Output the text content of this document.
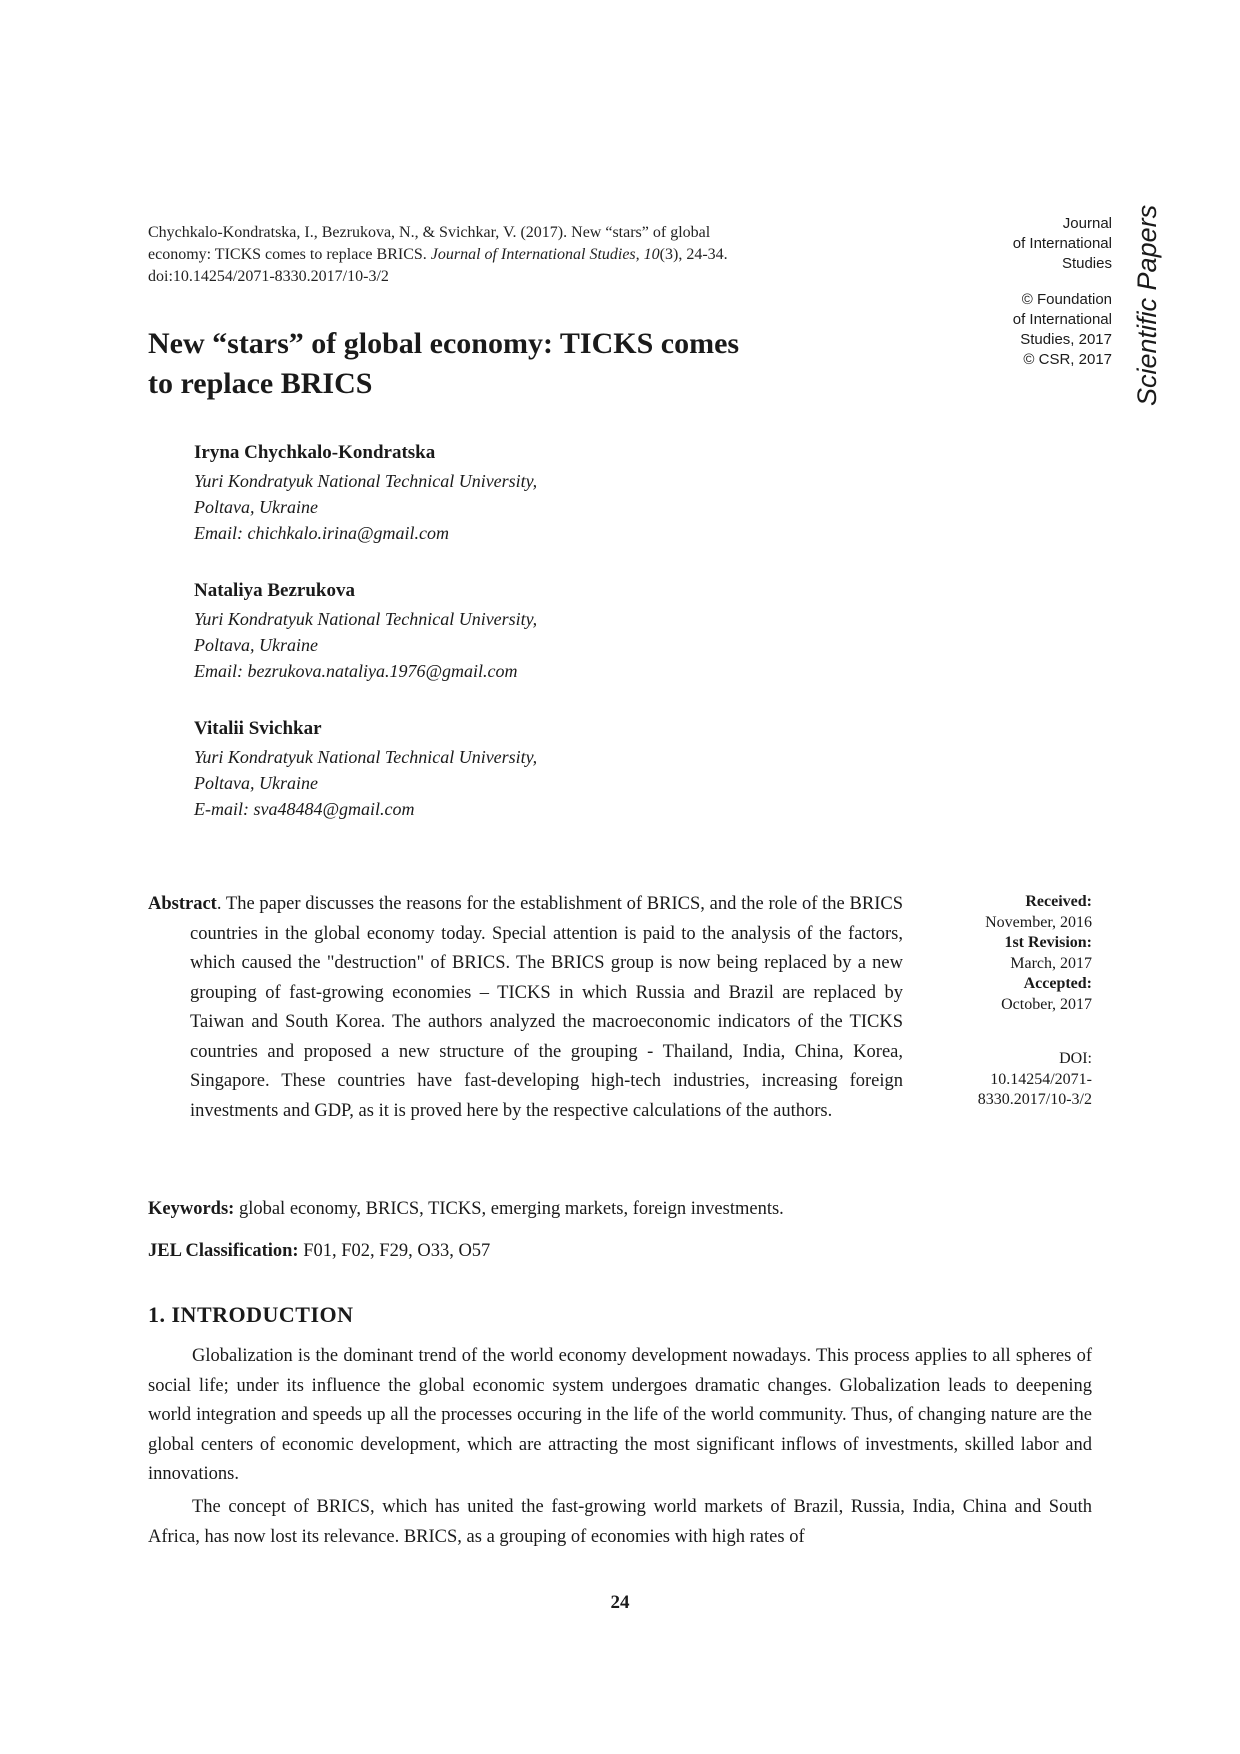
Chychkalo-Kondratska, I., Bezrukova, N., & Svichkar, V. (2017). New “stars” of global economy: TICKS comes to replace BRICS. Journal of International Studies, 10(3), 24-34. doi:10.14254/2071-8330.2017/10-3/2
Journal
of International
Studies
© Foundation
of International
Studies, 2017
© CSR, 2017 Scientific Papers
New “stars” of global economy: TICKS comes to replace BRICS
Iryna Chychkalo-Kondratska
Yuri Kondratyuk National Technical University,
Poltava, Ukraine
Email: chichkalo.irina@gmail.com
Nataliya Bezrukova
Yuri Kondratyuk National Technical University,
Poltava, Ukraine
Email: bezrukova.nataliya.1976@gmail.com
Vitalii Svichkar
Yuri Kondratyuk National Technical University,
Poltava, Ukraine
E-mail: sva48484@gmail.com
Abstract. The paper discusses the reasons for the establishment of BRICS, and the role of the BRICS countries in the global economy today. Special attention is paid to the analysis of the factors, which caused the "destruction" of BRICS. The BRICS group is now being replaced by a new grouping of fast-growing economies – TICKS in which Russia and Brazil are replaced by Taiwan and South Korea. The authors analyzed the macroeconomic indicators of the TICKS countries and proposed a new structure of the grouping - Thailand, India, China, Korea, Singapore. These countries have fast-developing high-tech industries, increasing foreign investments and GDP, as it is proved here by the respective calculations of the authors.
Received:
November, 2016
1st Revision:
March, 2017
Accepted:
October, 2017
DOI:
10.14254/2071-
8330.2017/10-3/2
Keywords: global economy, BRICS, TICKS, emerging markets, foreign investments.
JEL Classification: F01, F02, F29, O33, O57
1. INTRODUCTION
Globalization is the dominant trend of the world economy development nowadays. This process applies to all spheres of social life; under its influence the global economic system undergoes dramatic changes. Globalization leads to deepening world integration and speeds up all the processes occuring in the life of the world community. Thus, of changing nature are the global centers of economic development, which are attracting the most significant inflows of investments, skilled labor and innovations.
The concept of BRICS, which has united the fast-growing world markets of Brazil, Russia, India, China and South Africa, has now lost its relevance. BRICS, as a grouping of economies with high rates of
24
